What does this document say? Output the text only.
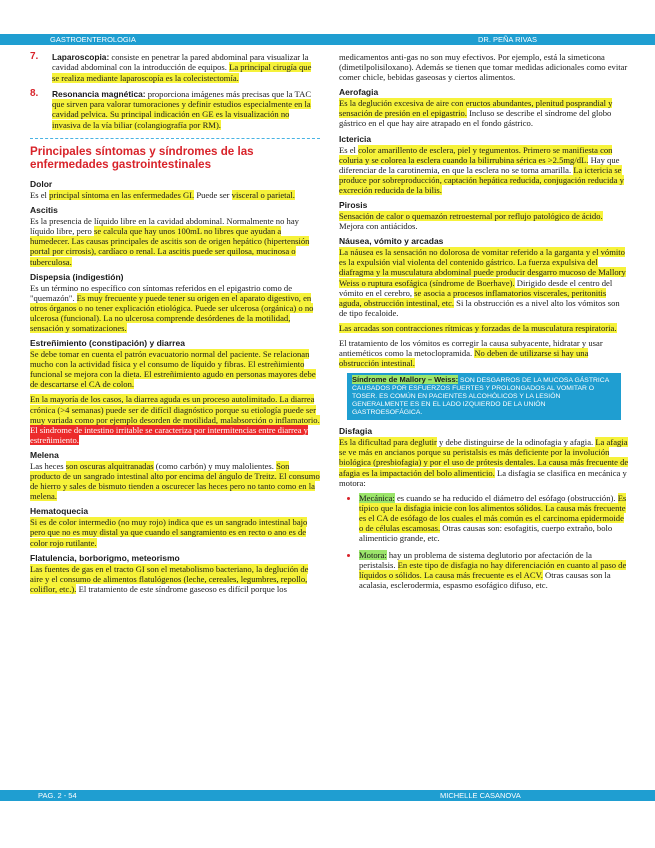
GASTROENTEROLOGIA	DR. PEÑA RIVAS
7. Laparoscopia: consiste en penetrar la pared abdominal para visualizar la cavidad abdominal con la introducción de equipos. La principal cirugía que se realiza mediante laparoscopía es la colecistectomía.
8. Resonancia magnética: proporciona imágenes más precisas que la TAC que sirven para valorar tumoraciones y definir estudios especialmente en la cavidad pelvica. Su principal indicación en GE es la visualización no invasiva de la vía biliar (colangiografía por RM).
Principales síntomas y síndromes de las enfermedades gastrointestinales
Dolor

Es el principal síntoma en las enfermedades GI. Puede ser visceral o parietal.

Ascitis

Es la presencia de líquido libre en la cavidad abdominal. Normalmente no hay líquido libre, pero se calcula que hay unos 100mL no libres que ayudan a humedecer. Las causas principales de ascitis son de origen hepático (hipertensión portal por cirrosis), cardíaco o renal. La ascitis puede ser quilosa, mucinosa o tuberculosa.

Dispepsia (indigestión)

Es un término no específico con síntomas referidos en el epigastrio como de "quemazón". Es muy frecuente y puede tener su origen en el aparato digestivo, en otros órganos o no tener explicación etiológica. Puede ser ulcerosa (orgánica) o no ulcerosa (funcional). La no ulcerosa comprende desórdenes de la motilidad, sensación y somatizaciones.

Estreñimiento (constipación) y diarrea

Se debe tomar en cuenta el patrón evacuatorio normal del paciente. Se relacionan mucho con la actividad física y el consumo de líquido y fibras. El estreñimiento funcional se mejora con la dieta. El estreñimiento agudo en personas mayores debe de descartarse el CA de colon.

En la mayoría de los casos, la diarrea aguda es un proceso autolimitado. La diarrea crónica (>4 semanas) puede ser de difícil diagnóstico porque su etiología puede ser muy variada como por ejemplo desorden de motilidad, malabsorción o inflamatorio. El síndrome de intestino irritable se caracteriza por intermitencias entre diarrea y estreñimiento.

Melena

Las heces son oscuras alquitranadas (como carbón) y muy malolientes. Son producto de un sangrado intestinal alto por encima del ángulo de Treitz. El consumo de hierro y sales de bismuto tienden a oscurecer las heces pero no tanto como en la melena.

Hematoquecia

Si es de color intermedio (no muy rojo) indica que es un sangrado intestinal bajo pero que no es muy distal ya que cuando el sangramiento es en recto o ano es de color rojo rutilante.

Flatulencia, borborigmo, meteorismo

Las fuentes de gas en el tracto GI son el metabolismo bacteriano, la deglución de aire y el consumo de alimentos flatulógenos (leche, cereales, legumbres, repollo, coliflor, etc.). El tratamiento de este síndrome gaseoso es difícil porque los

medicamentos anti-gas no son muy efectivos. Por ejemplo, está la simeticona (dimetilpolisiloxano). Además se tienen que tomar medidas adicionales como evitar comer chicle, bebidas gaseosas y ciertos alimentos.

Aerofagia

Es la deglución excesiva de aire con eructos abundantes, plenitud posprandial y sensación de presión en el epigastrio. Incluso se describe el síndrome del globo gástrico en el que hay aire atrapado en el fondo gástrico.

Ictericia

Es el color amarillento de esclera, piel y tegumentos. Primero se manifiesta con coluria y se colorea la esclera cuando la bilirrubina sérica es >2.5mg/dL. Hay que diferenciar de la carotinemia, en que la esclera no se torna amarilla. La ictericia se produce por sobreproducción, captación hepática reducida, conjugación reducida y excreción reducida de la bilis.

Pirosis

Sensación de calor o quemazón retroesternal por reflujo patológico de ácido. Mejora con antiácidos.

Náusea, vómito y arcadas

La náusea es la sensación no dolorosa de vomitar referido a la garganta y el vómito es la expulsión vial violenta del contenido gástrico. La fuerza expulsiva del diafragma y la musculatura abdominal puede producir desgarro mucoso de Mallory Weiss o ruptura esofágica (síndrome de Boerhave). Dirigido desde el centro del vómito en el cerebro, se asocia a procesos inflamatorios viscerales, peritonitis aguda, obstrucción intestinal, etc. Si la obstrucción es a nivel alto los vómitos son de tipo fecaloide.

Las arcadas son contracciones rítmicas y forzadas de la musculatura respiratoria.

El tratamiento de los vómitos es corregir la causa subyacente, hidratar y usar antieméticos como la metoclopramida. No deben de utilizarse si hay una obstrucción intestinal.

Síndrome de Mallory – Weiss: SON DESGARROS DE LA MUCOSA GÁSTRICA CAUSADOS POR ESFUERZOS FUERTES Y PROLONGADOS AL VOMITAR O TOSER. ES COMÚN EN PACIENTES ALCOHÓLICOS Y LA LESIÓN GENERALMENTE ES EN EL LADO IZQUIERDO DE LA UNIÓN GASTROESOFÁGICA.
Disfagia

Es la dificultad para deglutir y debe distinguirse de la odinofagia y afagia. La afagia se ve más en ancianos porque su peristalsis es más deficiente por la involución biológica (presbiofagia) y por el uso de prótesis dentales. La causa más frecuente de afagia es la impactación del bolo alimenticio. La disfagia se clasifica en mecánica y motora:

• Mecánica: es cuando se ha reducido el diámetro del esófago (obstrucción). Es típico que la disfagia inicie con los alimentos sólidos. La causa más frecuente es el CA de esófago de los cuales el más común es el carcinoma epidermoide o de células escamosas. Otras causas son: esofagitis, cuerpo extraño, bolo alimenticio grande, etc.
• Motora: hay un problema de sistema deglutorio por afectación de la peristalsis. En este tipo de disfagia no hay diferenciación en cuanto al paso de líquidos o sólidos. La causa más frecuente es el ACV. Otras causas son la acalasia, esclerodermia, espasmo esofágico difuso, etc.
PAG. 2 - 54	MICHELLE CASANOVA
